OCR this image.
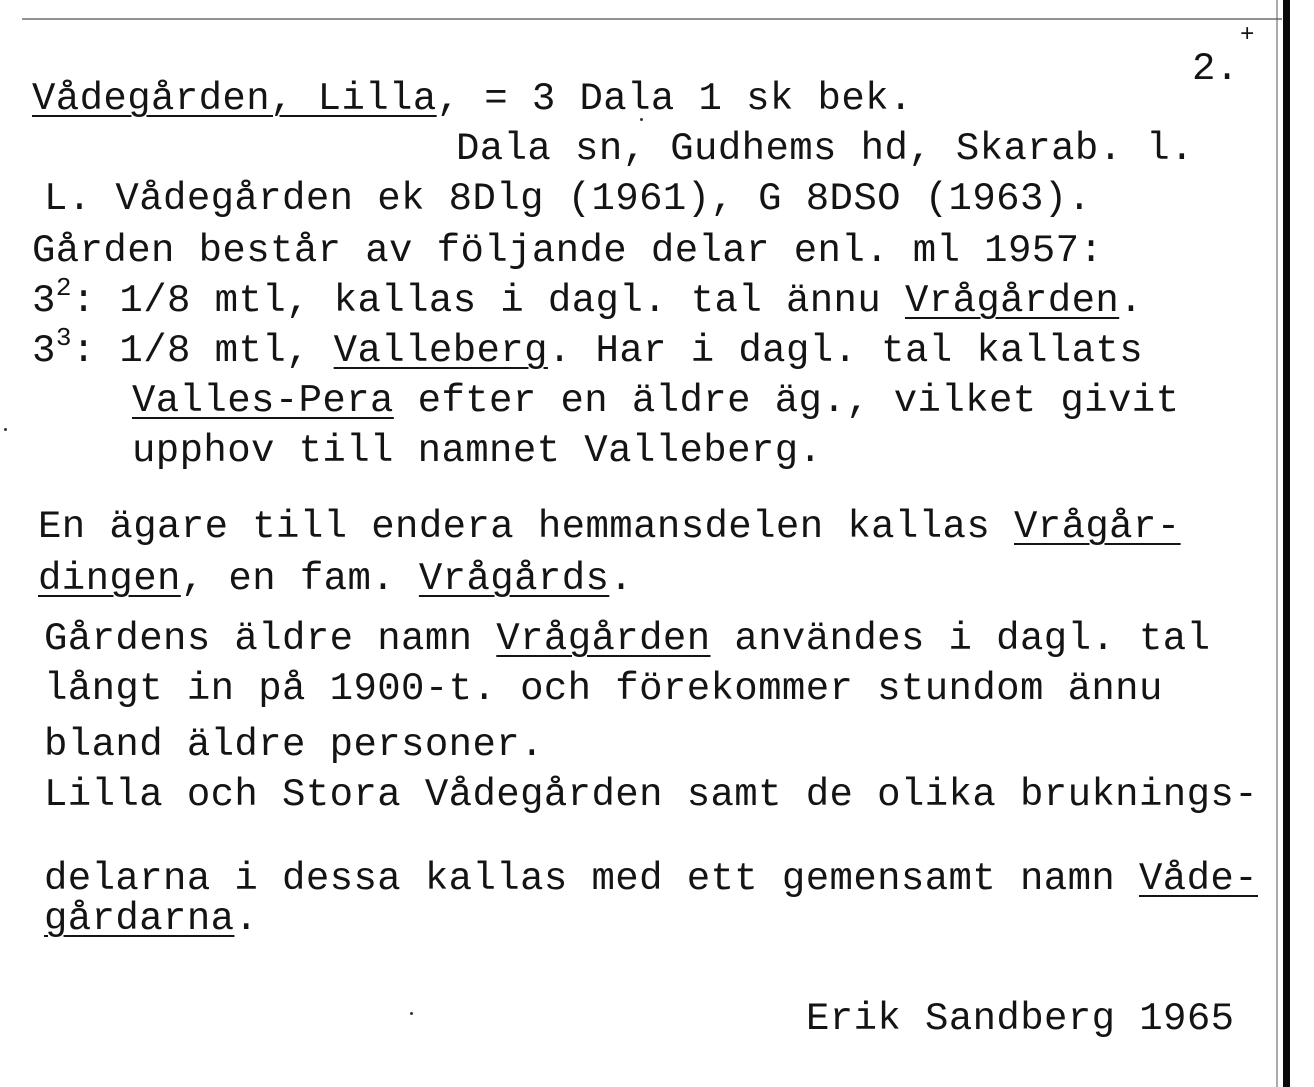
+
2.
Vådegården, Lilla, = 3 Dala 1 sk bek.
Dala sn, Gudhems hd, Skarab. l.
L. Vådegården ek 8Dlg (1961), G 8DSO (1963).
Gården består av följande delar enl. ml 1957:
$3^2$: 1/8 mtl, kallas i dagl. tal ännu Vrågården.
$3^3$: 1/8 mtl, Valleberg. Har i dagl. tal kallats
Valles-Pera efter en äldre äg., vilket givit
upphov till namnet Valleberg.
En ägare till endera hemmansdelen kallas Vrågår-
dingen, en fam. Vrågårds.
Gårdens äldre namn Vrågården användes i dagl. tal
långt in på 1900-t. och förekommer stundom ännu
bland äldre personer.
Lilla och Stora Vådegården samt de olika bruknings-
delarna i dessa kallas med ett gemensamt namn Våde-
gårdarna.
Erik Sandberg 1965
